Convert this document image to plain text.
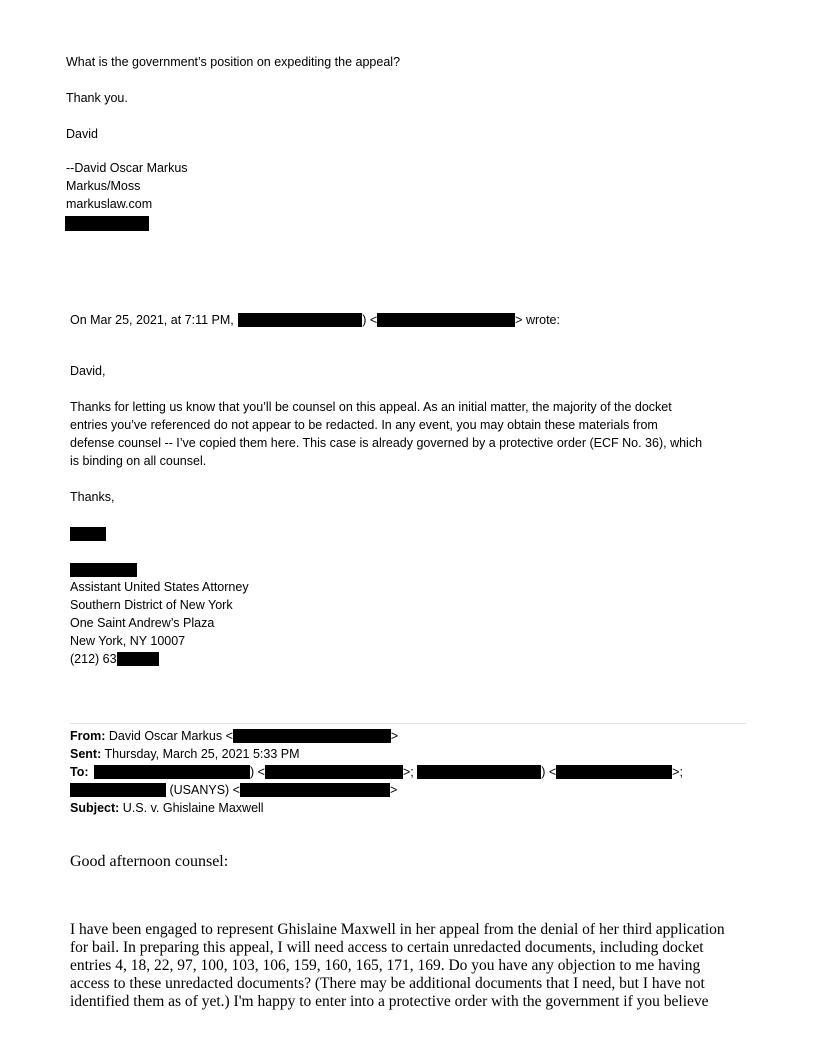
What is the government’s position on expediting the appeal?
Thank you.
David
--David Oscar Markus
Markus/Moss
markuslaw.com
On Mar 25, 2021, at 7:11 PM,	) <	> wrote:
David,
Thanks for letting us know that you’ll be counsel on this appeal. As an initial matter, the majority of the docket
entries you’ve referenced do not appear to be redacted. In any event, you may obtain these materials from
defense counsel -- I’ve copied them here. This case is already governed by a protective order (ECF No. 36), which
is binding on all counsel.
Thanks,
Assistant United States Attorney
Southern District of New York
One Saint Andrew’s Plaza
New York, NY 10007
(212) 63
From: David Oscar Markus <	>
Sent: Thursday, March 25, 2021 5:33 PM
To:	) <	>;	) <	>;
(USANYS) <	>
Subject: U.S. v. Ghislaine Maxwell
Good afternoon counsel:
I have been engaged to represent Ghislaine Maxwell in her appeal from the denial of her third application
for bail. In preparing this appeal, I will need access to certain unredacted documents, including docket
entries 4, 18, 22, 97, 100, 103, 106, 159, 160, 165, 171, 169. Do you have any objection to me having
access to these unredacted documents? (There may be additional documents that I need, but I have not
identified them as of yet.) I'm happy to enter into a protective order with the government if you believe
